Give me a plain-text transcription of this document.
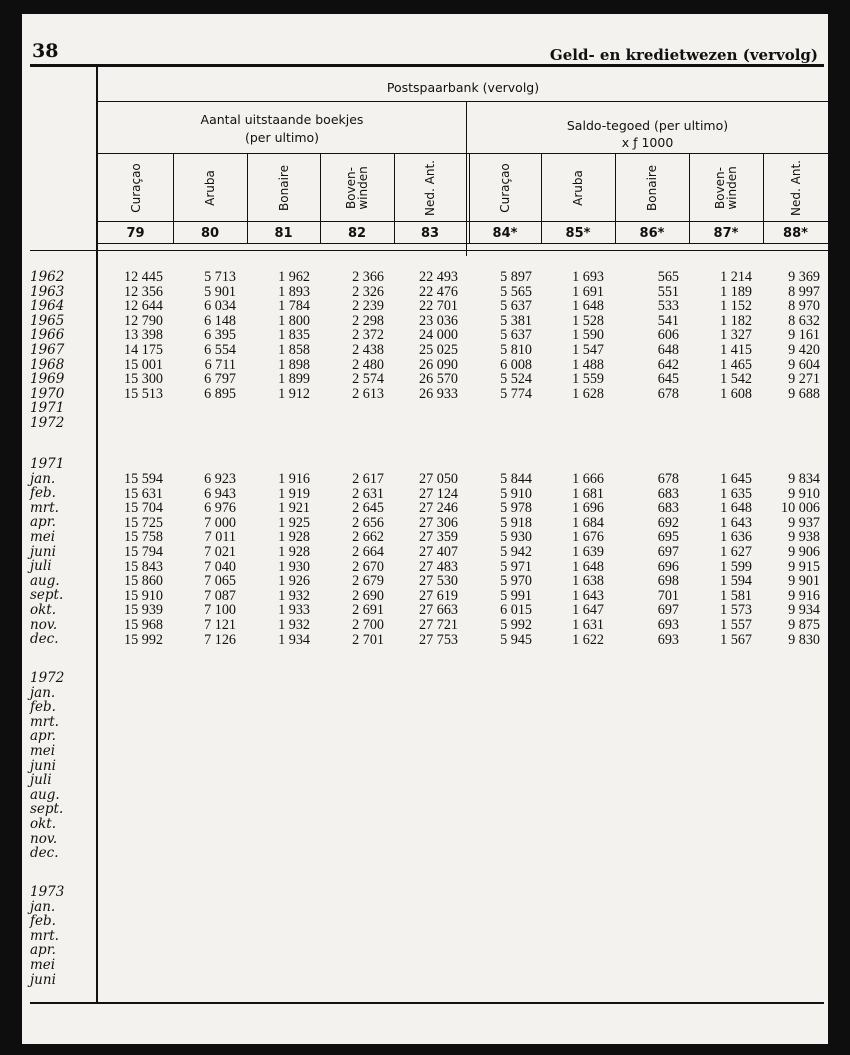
38	Geld- en kredietwezen (vervolg)
Postspaarbank (vervolg)
Aantal uitstaande boekjes
(per ultimo)
Saldo-tegoed (per ultimo)
x ƒ 1000
Curaçao
79
Aruba
80
Bonaire
81
Boven-
winden
82
Ned. Ant.
83
Curaçao
84*
Aruba
85*
Bonaire
86*
Boven-
winden
87*
Ned. Ant.
88*
1962
1963
1964
1965
1966
1967
1968
1969
1970
1971
1972
1971
jan.
feb.
mrt.
apr.
mei
juni
juli
aug.
sept.
okt.
nov.
dec.
1972
jan.
feb.
mrt.
apr.
mei
juni
juli
aug.
sept.
okt.
nov.
dec.
1973
jan.
feb.
mrt.
apr.
mei
juni
12 445
12 356
12 644
12 790
13 398
14 175
15 001
15 300
15 513
5 713
5 901
6 034
6 148
6 395
6 554
6 711
6 797
6 895
1 962
1 893
1 784
1 800
1 835
1 858
1 898
1 899
1 912
2 366
2 326
2 239
2 298
2 372
2 438
2 480
2 574
2 613
22 493
22 476
22 701
23 036
24 000
25 025
26 090
26 570
26 933
5 897
5 565
5 637
5 381
5 637
5 810
6 008
5 524
5 774
1 693
1 691
1 648
1 528
1 590
1 547
1 488
1 559
1 628
565
551
533
541
606
648
642
645
678
1 214
1 189
1 152
1 182
1 327
1 415
1 465
1 542
1 608
9 369
8 997
8 970
8 632
9 161
9 420
9 604
9 271
9 688
15 594
15 631
15 704
15 725
15 758
15 794
15 843
15 860
15 910
15 939
15 968
15 992
6 923
6 943
6 976
7 000
7 011
7 021
7 040
7 065
7 087
7 100
7 121
7 126
1 916
1 919
1 921
1 925
1 928
1 928
1 930
1 926
1 932
1 933
1 932
1 934
2 617
2 631
2 645
2 656
2 662
2 664
2 670
2 679
2 690
2 691
2 700
2 701
27 050
27 124
27 246
27 306
27 359
27 407
27 483
27 530
27 619
27 663
27 721
27 753
5 844
5 910
5 978
5 918
5 930
5 942
5 971
5 970
5 991
6 015
5 992
5 945
1 666
1 681
1 696
1 684
1 676
1 639
1 648
1 638
1 643
1 647
1 631
1 622
678
683
683
692
695
697
696
698
701
697
693
693
1 645
1 635
1 648
1 643
1 636
1 627
1 599
1 594
1 581
1 573
1 557
1 567
9 834
9 910
10 006
9 937
9 938
9 906
9 915
9 901
9 916
9 934
9 875
9 830
